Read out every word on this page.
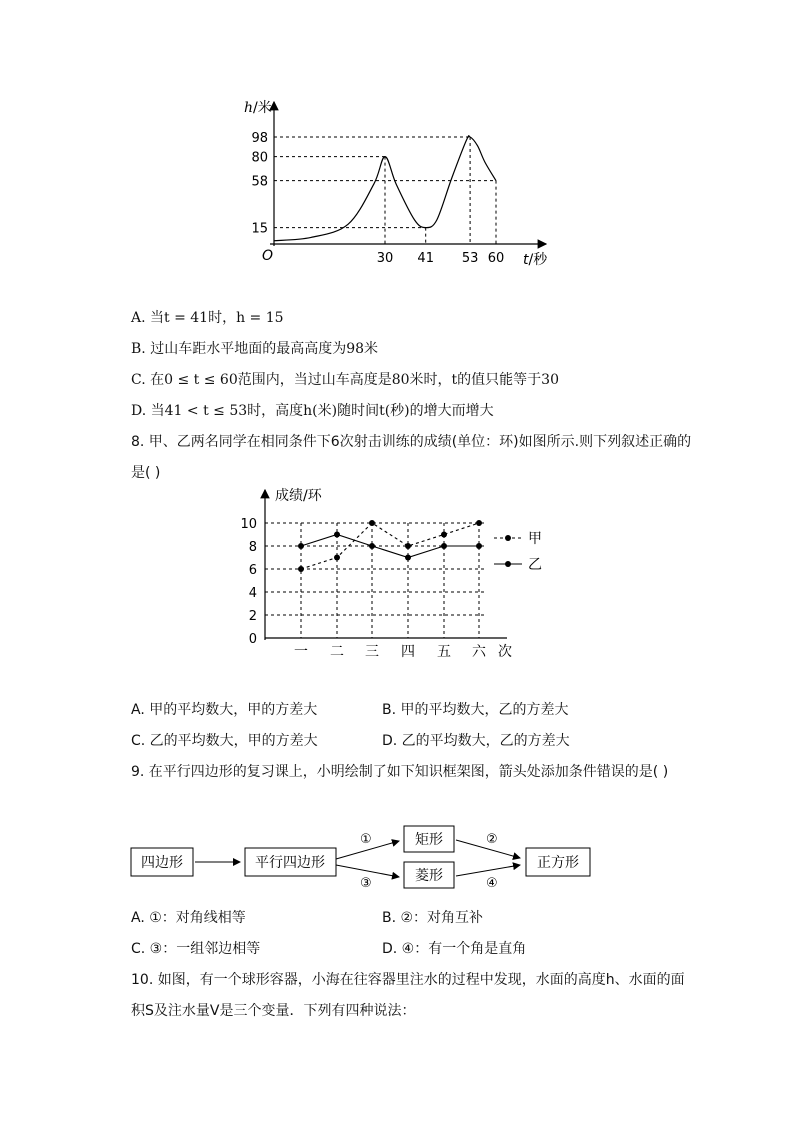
h/米
t/秒
O
98
80
58
15
30 41 53 60
A. 当t = 41时，h = 15
B. 过山车距水平地面的最高高度为98米
C. 在0 ≤ t ≤ 60范围内，当过山车高度是80米时，t的值只能等于30
D. 当41 < t ≤ 53时，高度h(米)随时间t(秒)的增大而增大
8. 甲、乙两名同学在相同条件下6次射击训练的成绩(单位：环)如图所示.则下列叙述正确的
是( )
成绩/环
次
0
2
4
6
8
10
一 二 三 四 五 六
甲
乙
A. 甲的平均数大，甲的方差大	B. 甲的平均数大，乙的方差大
C. 乙的平均数大，甲的方差大	D. 乙的平均数大，乙的方差大
9. 在平行四边形的复习课上，小明绘制了如下知识框架图，箭头处添加条件错误的是( )
四边形	平行四边形
①
③
矩形
菱形
②
④
正方形
A. ①：对角线相等	B. ②：对角互补
C. ③：一组邻边相等	D. ④：有一个角是直角
10. 如图，有一个球形容器，小海在往容器里注水的过程中发现，水面的高度h、水面的面
积S及注水量V是三个变量．下列有四种说法：
